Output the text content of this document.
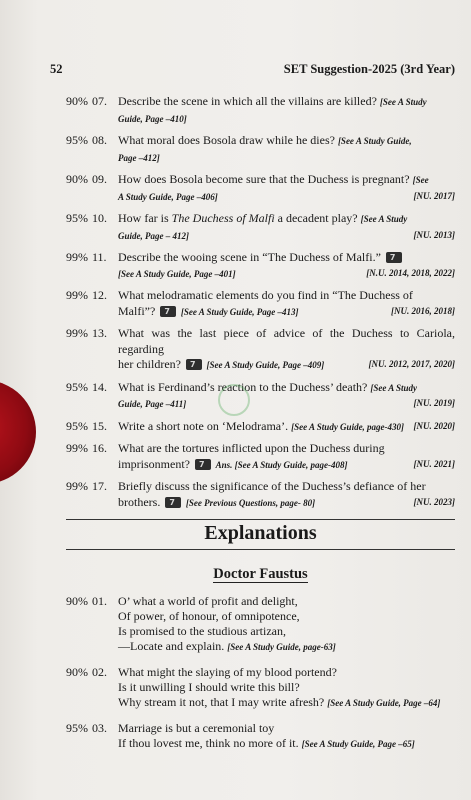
52	SET Suggestion-2025 (3rd Year)
90% 07. Describe the scene in which all the villains are killed? [See A Study
Guide, Page –410]
95% 08. What moral does Bosola draw while he dies? [See A Study Guide,
Page –412]
90% 09. How does Bosola become sure that the Duchess is pregnant? [See
A Study Guide, Page –406]	[NU. 2017]
95% 10. How far is The Duchess of Malfi a decadent play? [See A Study
Guide, Page – 412]	[NU. 2013]
99% 11. Describe the wooing scene in “The Duchess of Malfi.” 7
[See A Study Guide, Page –401]	[N.U. 2014, 2018, 2022]
99% 12. What melodramatic elements do you find in “The Duchess of
Malfi”? 7 [See A Study Guide, Page –413]	[NU. 2016, 2018]
99% 13. What was the last piece of advice of the Duchess to Cariola, regarding
her children? 7 [See A Study Guide, Page –409]	[NU. 2012, 2017, 2020]
95% 14. What is Ferdinand’s reaction to the Duchess’ death? [See A Study
Guide, Page –411]	[NU. 2019]
95% 15. Write a short note on ‘Melodrama’. [See A Study Guide, page-430] [NU. 2020]
99% 16. What are the tortures inflicted upon the Duchess during
imprisonment? 7 Ans. [See A Study Guide, page-408]	[NU. 2021]
99% 17. Briefly discuss the significance of the Duchess’s defiance of her
brothers. 7 [See Previous Questions, page- 80]	[NU. 2023]
Explanations
Doctor Faustus
90% 01. O’ what a world of profit and delight,
Of power, of honour, of omnipotence,
Is promised to the studious artizan,
—Locate and explain. [See A Study Guide, page-63]
90% 02. What might the slaying of my blood portend?
Is it unwilling I should write this bill?
Why stream it not, that I may write afresh? [See A Study Guide, Page –64]
95% 03. Marriage is but a ceremonial toy
If thou lovest me, think no more of it. [See A Study Guide, Page –65]
